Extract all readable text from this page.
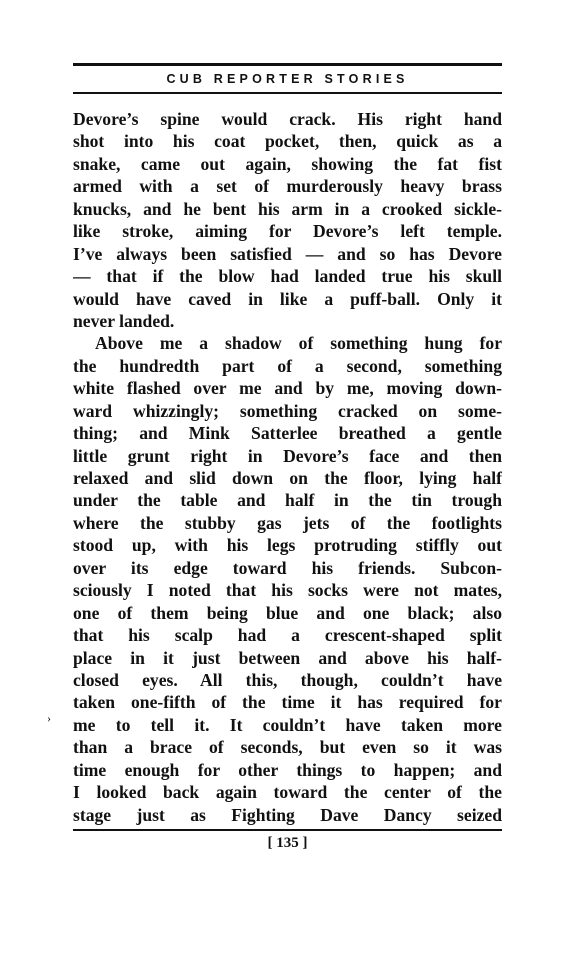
CUB REPORTER STORIES
Devore’s spine would crack. His right hand
shot into his coat pocket, then, quick as a
snake, came out again, showing the fat fist
armed with a set of murderously heavy brass
knucks, and he bent his arm in a crooked sickle-
like stroke, aiming for Devore’s left temple.
I’ve always been satisfied — and so has Devore
— that if the blow had landed true his skull
would have caved in like a puff-ball. Only it
never landed.
Above me a shadow of something hung for
the hundredth part of a second, something
white flashed over me and by me, moving down-
ward whizzingly; something cracked on some-
thing; and Mink Satterlee breathed a gentle
little grunt right in Devore’s face and then
relaxed and slid down on the floor, lying half
under the table and half in the tin trough
where the stubby gas jets of the footlights
stood up, with his legs protruding stiffly out
over its edge toward his friends. Subcon-
sciously I noted that his socks were not mates,
one of them being blue and one black; also
that his scalp had a crescent-shaped split
place in it just between and above his half-
closed eyes. All this, though, couldn’t have
taken one-fifth of the time it has required for
me to tell it. It couldn’t have taken more
than a brace of seconds, but even so it was
time enough for other things to happen; and
I looked back again toward the center of the
stage just as Fighting Dave Dancy seized
›
[ 135 ]
